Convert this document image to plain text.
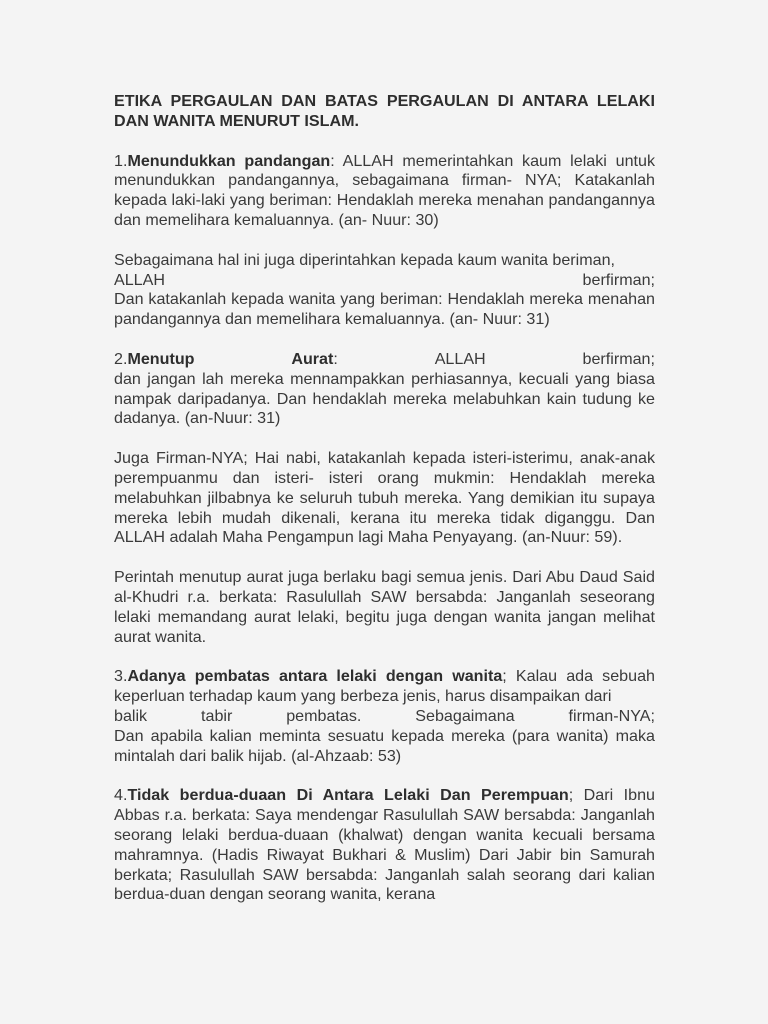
ETIKA PERGAULAN DAN BATAS PERGAULAN DI ANTARA LELAKI DAN WANITA MENURUT ISLAM.
1.Menundukkan pandangan: ALLAH memerintahkan kaum lelaki untuk menundukkan pandangannya, sebagaimana firman- NYA; Katakanlah kepada laki-laki yang beriman: Hendaklah mereka menahan pandangannya dan memelihara kemaluannya. (an- Nuur: 30)
Sebagaimana hal ini juga diperintahkan kepada kaum wanita beriman,
ALLAH	berfirman;
Dan katakanlah kepada wanita yang beriman: Hendaklah mereka menahan pandangannya dan memelihara kemaluannya. (an- Nuur: 31)
2.Menutup	Aurat:	ALLAH	berfirman;
dan jangan lah mereka mennampakkan perhiasannya, kecuali yang biasa nampak daripadanya. Dan hendaklah mereka melabuhkan kain tudung ke dadanya. (an-Nuur: 31)
Juga Firman-NYA; Hai nabi, katakanlah kepada isteri-isterimu, anak-anak perempuanmu dan isteri- isteri orang mukmin: Hendaklah mereka melabuhkan jilbabnya ke seluruh tubuh mereka. Yang demikian itu supaya mereka lebih mudah dikenali, kerana itu mereka tidak diganggu. Dan ALLAH adalah Maha Pengampun lagi Maha Penyayang. (an-Nuur: 59).
Perintah menutup aurat juga berlaku bagi semua jenis. Dari Abu Daud Said al-Khudri r.a. berkata: Rasulullah SAW bersabda: Janganlah seseorang lelaki memandang aurat lelaki, begitu juga dengan wanita jangan melihat aurat wanita.
3.Adanya pembatas antara lelaki dengan wanita; Kalau ada sebuah keperluan terhadap kaum yang berbeza jenis, harus disampaikan dari
balik	tabir	pembatas.	Sebagaimana	firman-NYA;
Dan apabila kalian meminta sesuatu kepada mereka (para wanita) maka mintalah dari balik hijab. (al-Ahzaab: 53)
4.Tidak berdua-duaan Di Antara Lelaki Dan Perempuan; Dari Ibnu Abbas r.a. berkata: Saya mendengar Rasulullah SAW bersabda: Janganlah seorang lelaki berdua-duaan (khalwat) dengan wanita kecuali bersama mahramnya. (Hadis Riwayat Bukhari & Muslim) Dari Jabir bin Samurah berkata; Rasulullah SAW bersabda: Janganlah salah seorang dari kalian berdua-duan dengan seorang wanita, kerana
